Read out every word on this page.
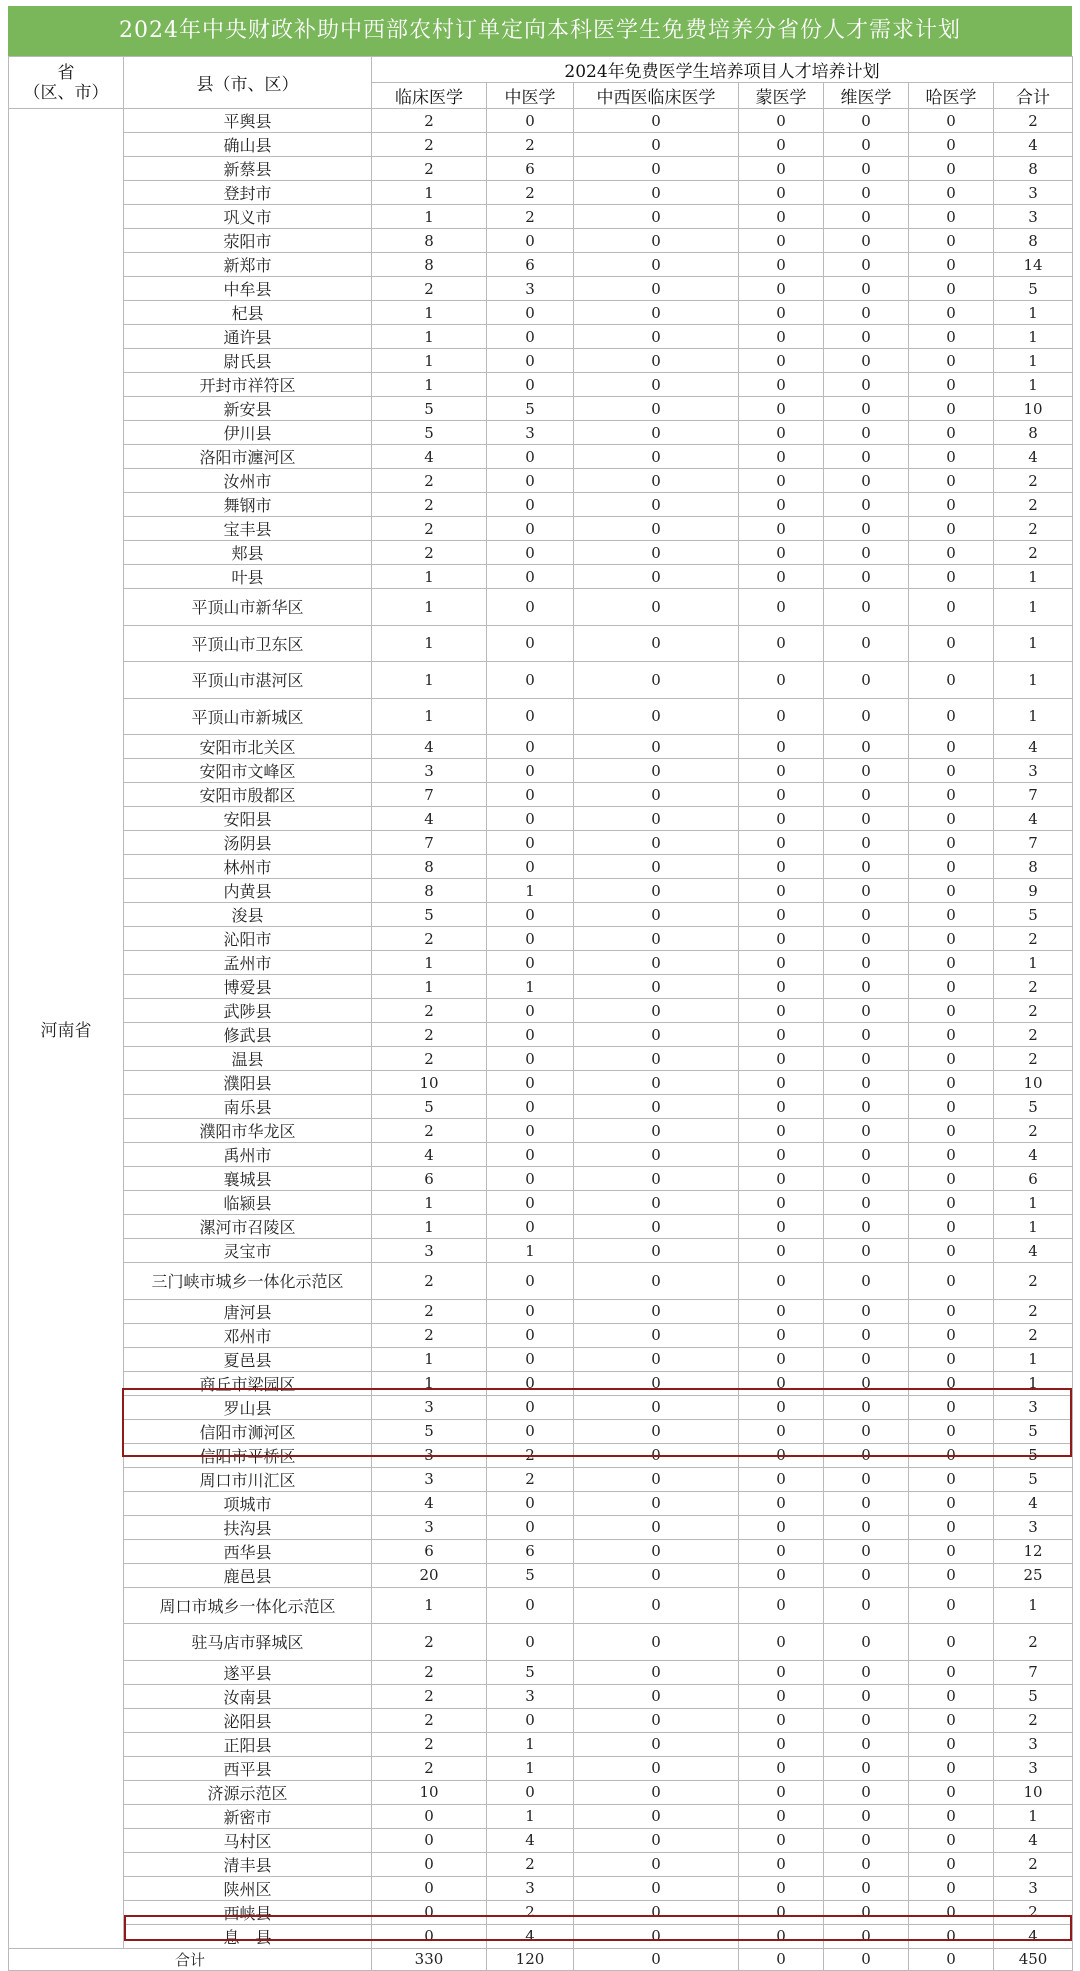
2024年中央财政补助中西部农村订单定向本科医学生免费培养分省份人才需求计划
省
（区、市）	县（市、区）	2024年免费医学生培养项目人才培养计划						
		临床医学	中医学	中西医临床医学	蒙医学	维医学	哈医学	合计
河南省	平舆县	2	0	0	0	0	0	2
	确山县	2	2	0	0	0	0	4
	新蔡县	2	6	0	0	0	0	8
	登封市	1	2	0	0	0	0	3
	巩义市	1	2	0	0	0	0	3
	荥阳市	8	0	0	0	0	0	8
	新郑市	8	6	0	0	0	0	14
	中牟县	2	3	0	0	0	0	5
	杞县	1	0	0	0	0	0	1
	通许县	1	0	0	0	0	0	1
	尉氏县	1	0	0	0	0	0	1
	开封市祥符区	1	0	0	0	0	0	1
	新安县	5	5	0	0	0	0	10
	伊川县	5	3	0	0	0	0	8
	洛阳市瀍河区	4	0	0	0	0	0	4
	汝州市	2	0	0	0	0	0	2
	舞钢市	2	0	0	0	0	0	2
	宝丰县	2	0	0	0	0	0	2
	郏县	2	0	0	0	0	0	2
	叶县	1	0	0	0	0	0	1
	平顶山市新华区	1	0	0	0	0	0	1
	平顶山市卫东区	1	0	0	0	0	0	1
	平顶山市湛河区	1	0	0	0	0	0	1
	平顶山市新城区	1	0	0	0	0	0	1
	安阳市北关区	4	0	0	0	0	0	4
	安阳市文峰区	3	0	0	0	0	0	3
	安阳市殷都区	7	0	0	0	0	0	7
	安阳县	4	0	0	0	0	0	4
	汤阴县	7	0	0	0	0	0	7
	林州市	8	0	0	0	0	0	8
	内黄县	8	1	0	0	0	0	9
	浚县	5	0	0	0	0	0	5
	沁阳市	2	0	0	0	0	0	2
	孟州市	1	0	0	0	0	0	1
	博爱县	1	1	0	0	0	0	2
	武陟县	2	0	0	0	0	0	2
	修武县	2	0	0	0	0	0	2
	温县	2	0	0	0	0	0	2
	濮阳县	10	0	0	0	0	0	10
	南乐县	5	0	0	0	0	0	5
	濮阳市华龙区	2	0	0	0	0	0	2
	禹州市	4	0	0	0	0	0	4
	襄城县	6	0	0	0	0	0	6
	临颍县	1	0	0	0	0	0	1
	漯河市召陵区	1	0	0	0	0	0	1
	灵宝市	3	1	0	0	0	0	4
	三门峡市城乡一体化示范区	2	0	0	0	0	0	2
	唐河县	2	0	0	0	0	0	2
	邓州市	2	0	0	0	0	0	2
	夏邑县	1	0	0	0	0	0	1
	商丘市梁园区	1	0	0	0	0	0	1
	罗山县	3	0	0	0	0	0	3
	信阳市浉河区	5	0	0	0	0	0	5
	信阳市平桥区	3	2	0	0	0	0	5
	周口市川汇区	3	2	0	0	0	0	5
	项城市	4	0	0	0	0	0	4
	扶沟县	3	0	0	0	0	0	3
	西华县	6	6	0	0	0	0	12
	鹿邑县	20	5	0	0	0	0	25
	周口市城乡一体化示范区	1	0	0	0	0	0	1
	驻马店市驿城区	2	0	0	0	0	0	2
	遂平县	2	5	0	0	0	0	7
	汝南县	2	3	0	0	0	0	5
	泌阳县	2	0	0	0	0	0	2
	正阳县	2	1	0	0	0	0	3
	西平县	2	1	0	0	0	0	3
	济源示范区	10	0	0	0	0	0	10
	新密市	0	1	0	0	0	0	1
	马村区	0	4	0	0	0	0	4
	清丰县	0	2	0	0	0	0	2
	陕州区	0	3	0	0	0	0	3
	西峡县	0	2	0	0	0	0	2
	息　县	0	4	0	0	0	0	4
合计		330	120	0	0	0	0	450
